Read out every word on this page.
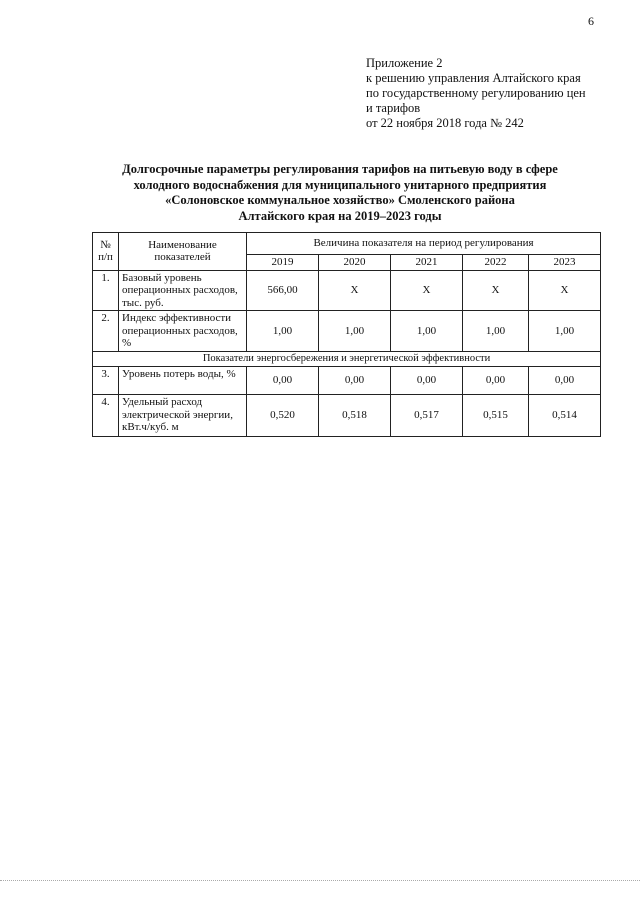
6
Приложение 2
к решению управления Алтайского края
по государственному регулированию цен
и тарифов
от 22 ноября 2018 года № 242
Долгосрочные параметры регулирования тарифов на питьевую воду в сфере
холодного водоснабжения для муниципального унитарного предприятия
«Солоновское коммунальное хозяйство» Смоленского района
Алтайского края на 2019–2023 годы
№ п/п	Наименование показателей	Величина показателя на период регулирования				
		2019	2020	2021	2022	2023
1.	Базовый уровень операционных расходов, тыс. руб.	566,00	Х	Х	Х	Х
2.	Индекс эффективности операционных расходов, %	1,00	1,00	1,00	1,00	1,00
Показатели энергосбережения и энергетической эффективности						
3.	Уровень потерь воды, %	0,00	0,00	0,00	0,00	0,00
4.	Удельный расход электрической энергии, кВт.ч/куб. м	0,520	0,518	0,517	0,515	0,514
